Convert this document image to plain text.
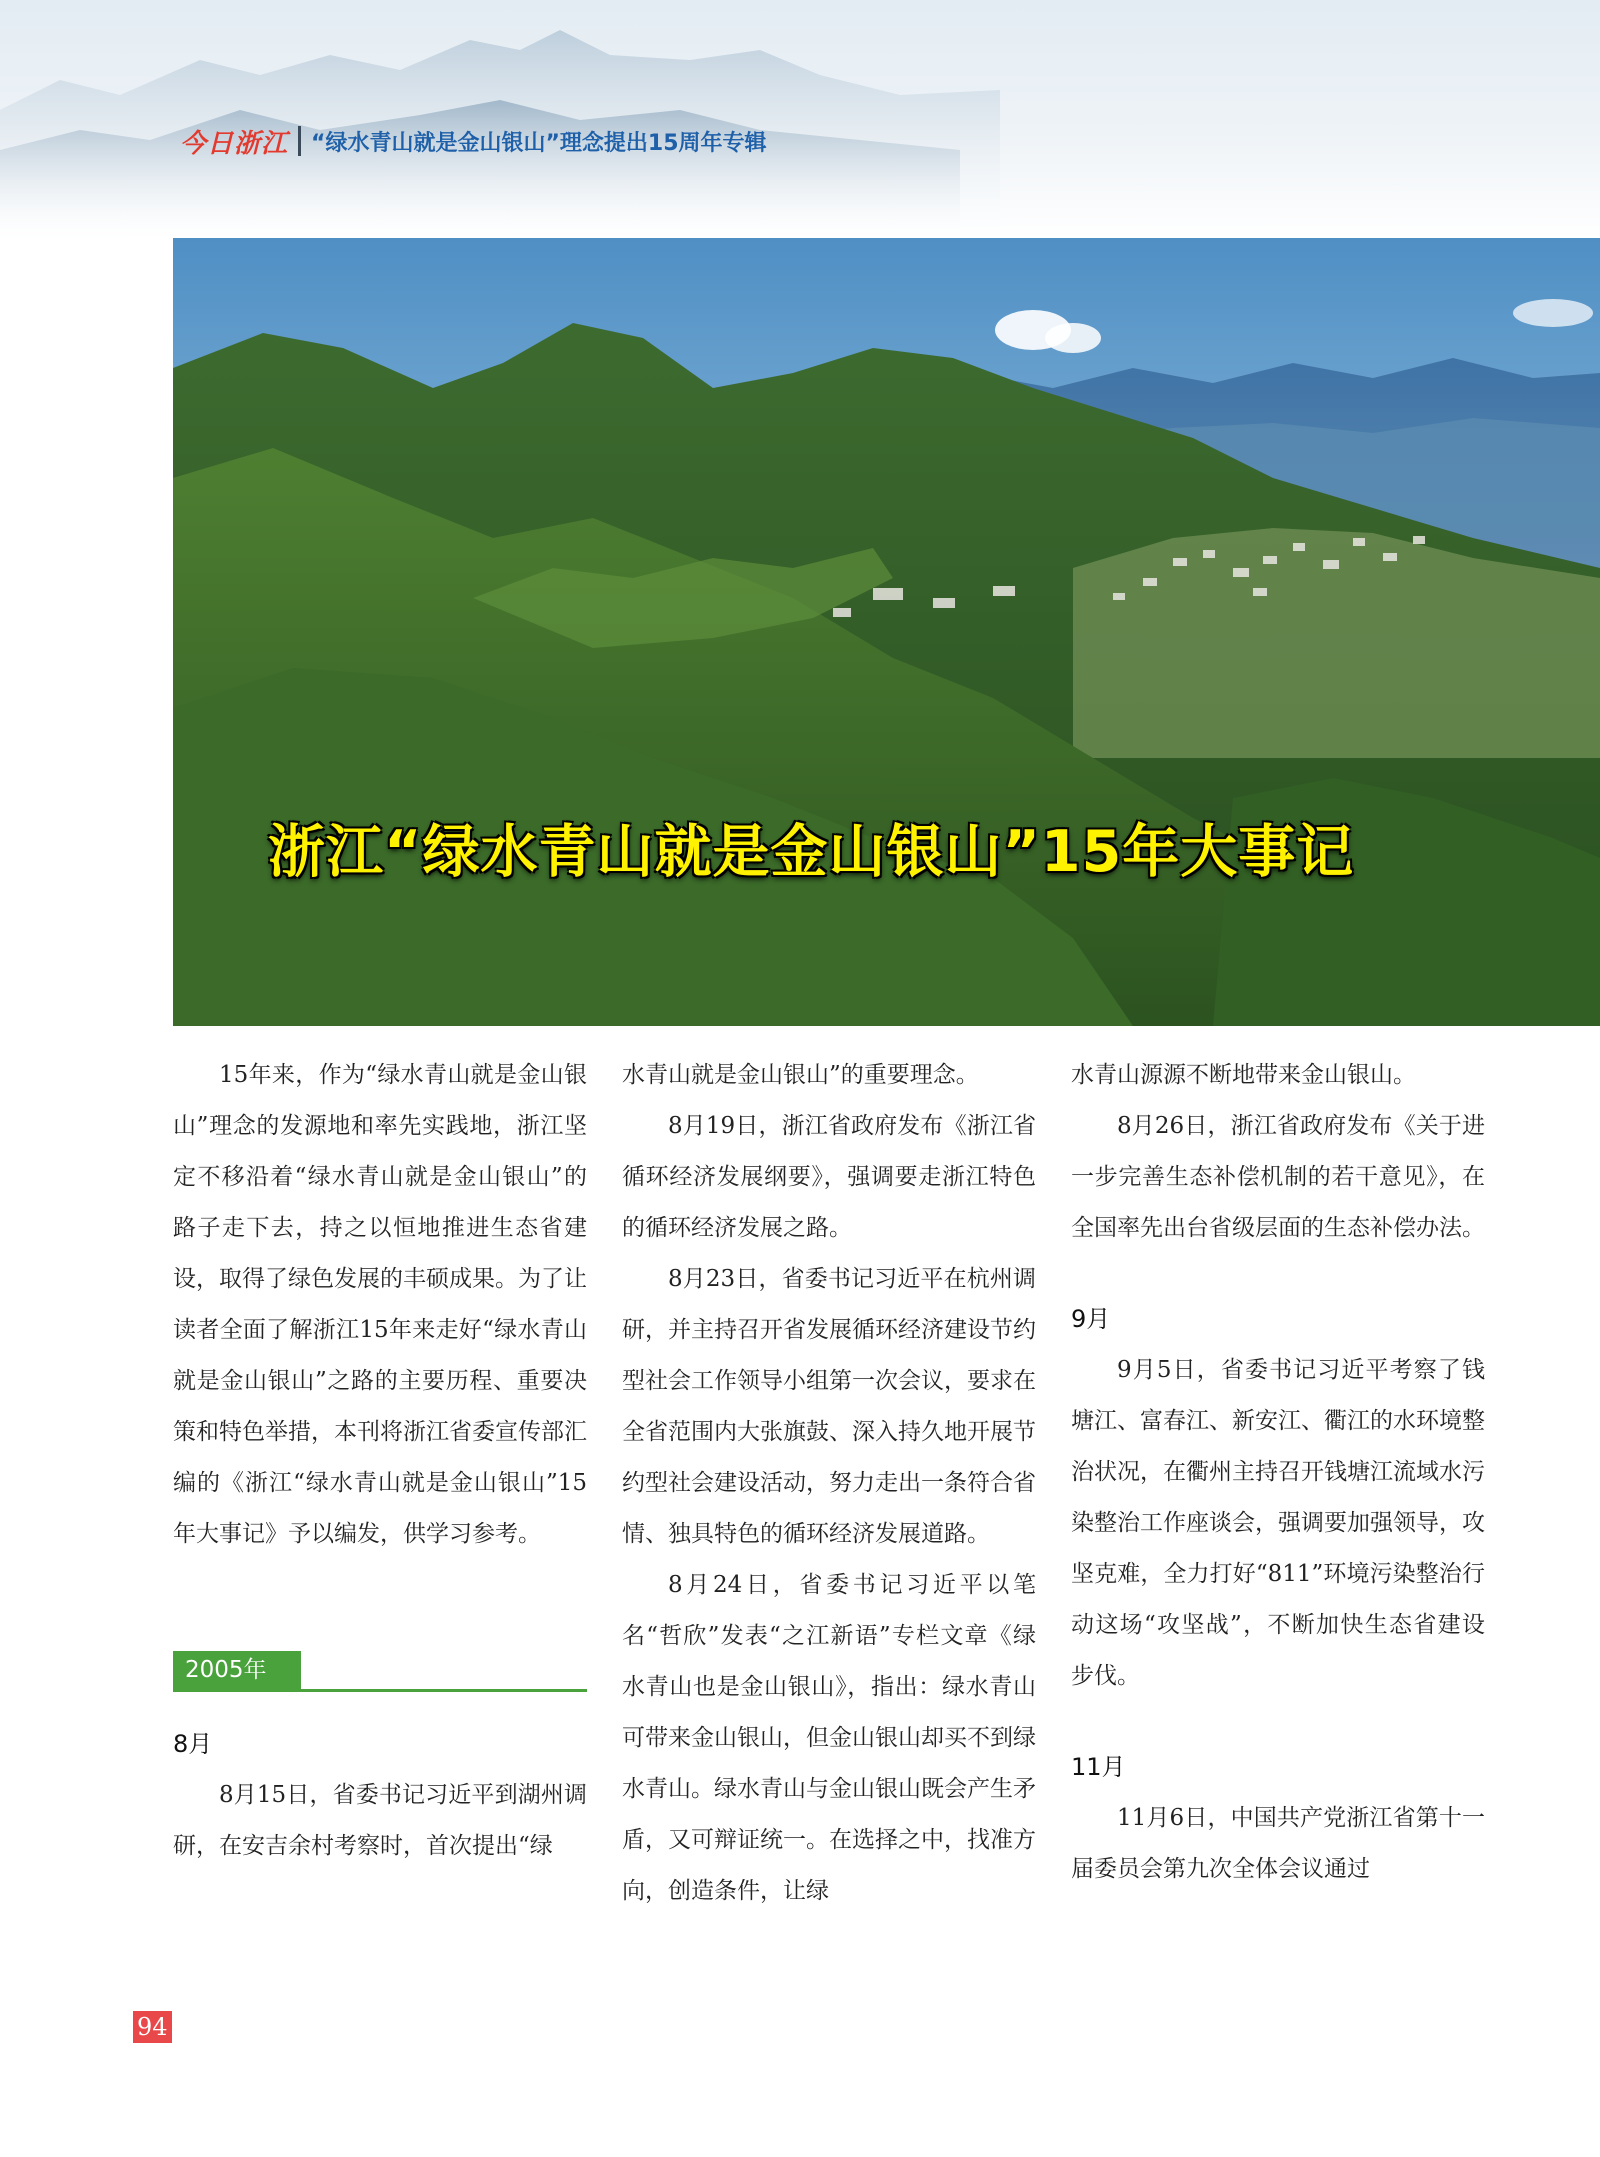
今日浙江 “绿水青山就是金山银山”理念提出15周年专辑
浙江“绿水青山就是金山银山”15年大事记

15年来，作为“绿水青山就是金山银山”理念的发源地和率先实践地，浙江坚定不移沿着“绿水青山就是金山银山”的路子走下去，持之以恒地推进生态省建设，取得了绿色发展的丰硕成果。为了让读者全面了解浙江15年来走好“绿水青山就是金山银山”之路的主要历程、重要决策和特色举措，本刊将浙江省委宣传部汇编的《浙江“绿水青山就是金山银山”15年大事记》予以编发，供学习参考。

2005年
8月

8月15日，省委书记习近平到湖州调研，在安吉余村考察时，首次提出“绿

水青山就是金山银山”的重要理念。

8月19日，浙江省政府发布《浙江省循环经济发展纲要》，强调要走浙江特色的循环经济发展之路。

8月23日，省委书记习近平在杭州调研，并主持召开省发展循环经济建设节约型社会工作领导小组第一次会议，要求在全省范围内大张旗鼓、深入持久地开展节约型社会建设活动，努力走出一条符合省情、独具特色的循环经济发展道路。

8月24日，省委书记习近平以笔名“哲欣”发表“之江新语”专栏文章《绿水青山也是金山银山》，指出：绿水青山可带来金山银山，但金山银山却买不到绿水青山。绿水青山与金山银山既会产生矛盾，又可辩证统一。在选择之中，找准方向，创造条件，让绿

水青山源源不断地带来金山银山。

8月26日，浙江省政府发布《关于进一步完善生态补偿机制的若干意见》，在全国率先出台省级层面的生态补偿办法。

9月

9月5日，省委书记习近平考察了钱塘江、富春江、新安江、衢江的水环境整治状况，在衢州主持召开钱塘江流域水污染整治工作座谈会，强调要加强领导，攻坚克难，全力打好“811”环境污染整治行动这场“攻坚战”，不断加快生态省建设步伐。

11月

11月6日，中国共产党浙江省第十一届委员会第九次全体会议通过

94
